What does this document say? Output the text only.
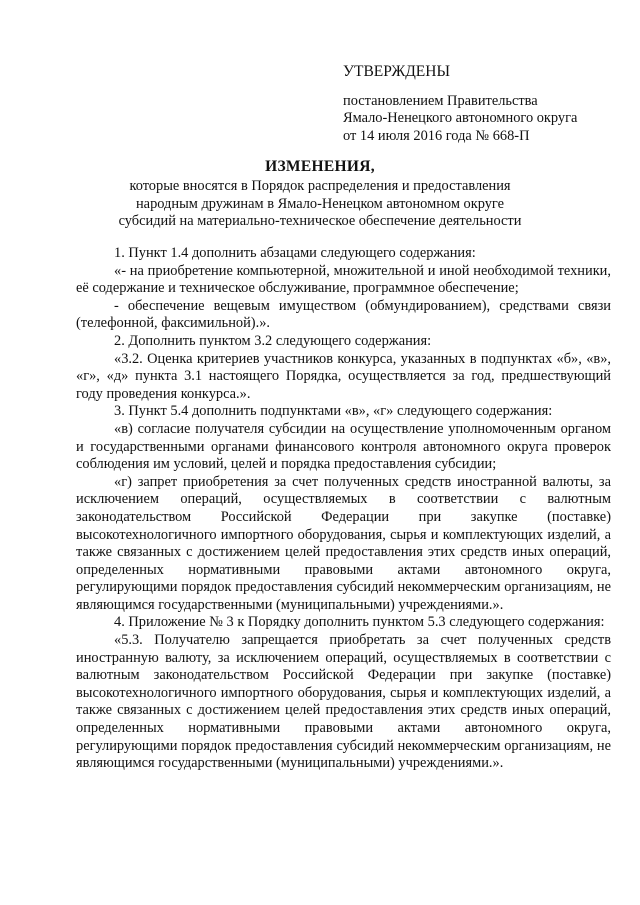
УТВЕРЖДЕНЫ
постановлением Правительства
Ямало-Ненецкого автономного округа
от 14 июля 2016 года № 668-П
ИЗМЕНЕНИЯ,
которые вносятся в Порядок распределения и предоставления
народным дружинам в Ямало-Ненецком автономном округе
субсидий на материально-техническое обеспечение деятельности

1. Пункт 1.4 дополнить абзацами следующего содержания:

«- на приобретение компьютерной, множительной и иной необходимой техники, её содержание и техническое обслуживание, программное обеспечение;

- обеспечение вещевым имуществом (обмундированием), средствами связи (телефонной, факсимильной).».

2. Дополнить пунктом 3.2 следующего содержания:

«3.2. Оценка критериев участников конкурса, указанных в подпунктах «б», «в», «г», «д» пункта 3.1 настоящего Порядка, осуществляется за год, предшествующий году проведения конкурса.».

3. Пункт 5.4 дополнить подпунктами «в», «г» следующего содержания:

«в) согласие получателя субсидии на осуществление уполномоченным органом и государственными органами финансового контроля автономного округа проверок соблюдения им условий, целей и порядка предоставления субсидии;

«г) запрет приобретения за счет полученных средств иностранной валюты, за исключением операций, осуществляемых в соответствии с валютным законодательством Российской Федерации при закупке (поставке) высокотехнологичного импортного оборудования, сырья и комплектующих изделий, а также связанных с достижением целей предоставления этих средств иных операций, определенных нормативными правовыми актами автономного округа, регулирующими порядок предоставления субсидий некоммерческим организациям, не являющимся государственными (муниципальными) учреждениями.».

4. Приложение № 3 к Порядку дополнить пунктом 5.3 следующего содержания:

«5.3. Получателю запрещается приобретать за счет полученных средств иностранную валюту, за исключением операций, осуществляемых в соответствии с валютным законодательством Российской Федерации при закупке (поставке) высокотехнологичного импортного оборудования, сырья и комплектующих изделий, а также связанных с достижением целей предоставления этих средств иных операций, определенных нормативными правовыми актами автономного округа, регулирующими порядок предоставления субсидий некоммерческим организациям, не являющимся государственными (муниципальными) учреждениями.».
